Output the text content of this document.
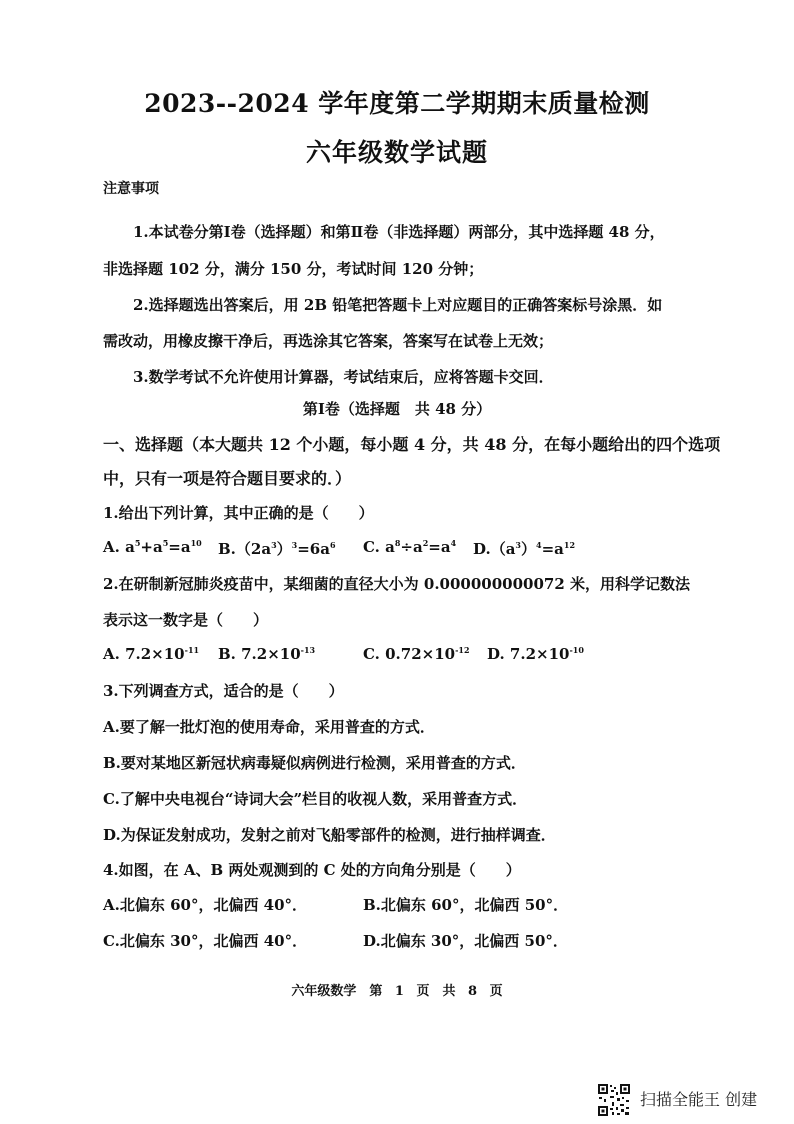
2023--2024 学年度第二学期期末质量检测
六年级数学试题
注意事项
1.本试卷分第Ⅰ卷（选择题）和第Ⅱ卷（非选择题）两部分，其中选择题 48 分，
非选择题 102 分，满分 150 分，考试时间 120 分钟；
2.选择题选出答案后，用 2B 铅笔把答题卡上对应题目的正确答案标号涂黑．如
需改动，用橡皮擦干净后，再选涂其它答案，答案写在试卷上无效；
3.数学考试不允许使用计算器，考试结束后，应将答题卡交回．
第Ⅰ卷（选择题　共 48 分）
一、选择题（本大题共 12 个小题，每小题 4 分，共 48 分，在每小题给出的四个选项
中，只有一项是符合题目要求的．）
1.给出下列计算，其中正确的是（　　）
A. $a^5+a^5=a^{10}$ $B.(2a^3)^3=6a^6$ C. $a^8\div a^2=a^4$ $D.(a^3)^4=a^{12}$
2.在研制新冠肺炎疫苗中，某细菌的直径大小为 0.000000000072 米，用科学记数法
表示这一数字是（　　）
A. $7.2\times 10^{-11}$ B. $7.2\times 10^{-13}$	C. $0.72\times 10^{-12}$ D. $7.2\times 10^{-10}$
3.下列调查方式，适合的是（　　）
A.要了解一批灯泡的使用寿命，采用普查的方式．
B.要对某地区新冠状病毒疑似病例进行检测，采用普查的方式．
C.了解中央电视台“诗词大会”栏目的收视人数，采用普查方式．
D.为保证发射成功，发射之前对飞船零部件的检测，进行抽样调查．
4.如图，在 A、B 两处观测到的 C 处的方向角分别是（　　）
A.北偏东 60°，北偏西 40°．	B.北偏东 60°，北偏西 50°．
C.北偏东 30°，北偏西 40°．	D.北偏东 30°，北偏西 50°．
六年级数学　第 1 页　共 8 页
扫描全能王 创建
